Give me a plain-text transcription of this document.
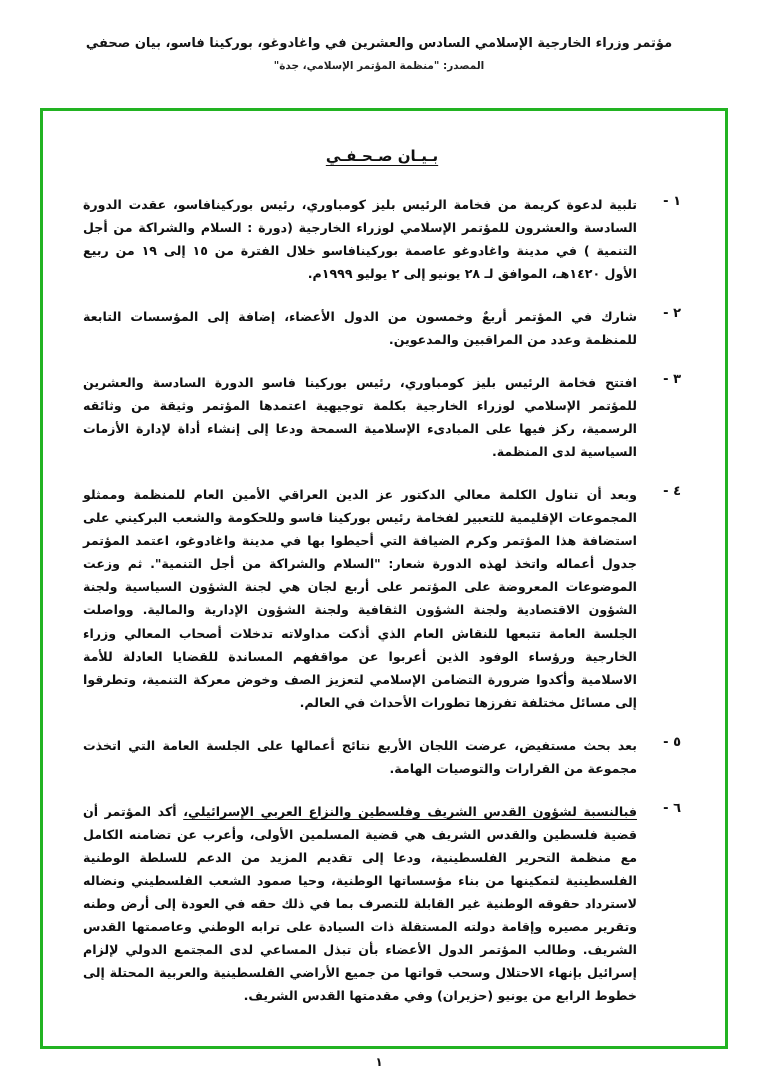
مؤتمر وزراء الخارجية الإسلامي السادس والعشرين في واغادوغو، بوركينا فاسو، بيان صحفي
المصدر: "منظمة المؤتمر الإسلامي، جدة"
بـيـان صـحـفـي
١ -
تلبية لدعوة كريمة من فخامة الرئيس بليز كومباوري، رئيس بوركينافاسو، عقدت الدورة السادسة والعشرون للمؤتمر الإسلامي لوزراء الخارجية (دورة : السلام والشراكة من أجل التنمية ) في مدينة واغادوغو عاصمة بوركينافاسو خلال الفترة من ١٥ إلى ١٩ من ربيع الأول ١٤٢٠هـ، الموافق لـ ٢٨ يونيو إلى ٢ يوليو ١٩٩٩م.
٢ -
شارك في المؤتمر أربعٌ وخمسون من الدول الأعضاء، إضافة إلى المؤسسات التابعة للمنظمة وعدد من المراقبين والمدعوين.
٣ -
افتتح فخامة الرئيس بليز كومباوري، رئيس بوركينا فاسو الدورة السادسة والعشرين للمؤتمر الإسلامي لوزراء الخارجية بكلمة توجيهية اعتمدها المؤتمر وثيقة من وثائقه الرسمية، ركز فيها على المبادىء الإسلامية السمحة ودعا إلى إنشاء أداة لإدارة الأزمات السياسية لدى المنظمة.
٤ -
وبعد أن تناول الكلمة معالي الدكتور عز الدين العراقي الأمين العام للمنظمة وممثلو المجموعات الإقليمية للتعبير لفخامة رئيس بوركينا فاسو وللحكومة والشعب البركيني على استضافة هذا المؤتمر وكرم الضيافة التي أحيطوا بها في مدينة واغادوغو، اعتمد المؤتمر جدول أعماله واتخذ لهذه الدورة شعار: "السلام والشراكة من أجل التنمية". ثم وزعت الموضوعات المعروضة على المؤتمر على أربع لجان هي لجنة الشؤون السياسية ولجنة الشؤون الاقتصادية ولجنة الشؤون الثقافية ولجنة الشؤون الإدارية والمالية. وواصلت الجلسة العامة تتبعها للنقاش العام الذي أذكت مداولاته تدخلات أصحاب المعالي وزراء الخارجية ورؤساء الوفود الذين أعربوا عن مواقفهم المساندة للقضايا العادلة للأمة الاسلامية وأكدوا ضرورة التضامن الإسلامي لتعزيز الصف وخوض معركة التنمية، وتطرقوا إلى مسائل مختلفة تفرزها تطورات الأحداث في العالم.
٥ -
بعد بحث مستفيض، عرضت اللجان الأربع نتائج أعمالها على الجلسة العامة التي اتخذت مجموعة من القرارات والتوصيات الهامة.
٦ -
فبالنسبة لشؤون القدس الشريف وفلسطين والنزاع العربي الإسرائيلي، أكد المؤتمر أن قضية فلسطين والقدس الشريف هي قضية المسلمين الأولى، وأعرب عن تضامنه الكامل مع منظمة التحرير الفلسطينية، ودعا إلى تقديم المزيد من الدعم للسلطة الوطنية الفلسطينية لتمكينها من بناء مؤسساتها الوطنية، وحيا صمود الشعب الفلسطيني ونضاله لاسترداد حقوقه الوطنية غير القابلة للتصرف بما في ذلك حقه في العودة إلى أرض وطنه وتقرير مصيره وإقامة دولته المستقلة ذات السيادة على ترابه الوطني وعاصمتها القدس الشريف. وطالب المؤتمر الدول الأعضاء بأن تبذل المساعي لدى المجتمع الدولي لإلزام إسرائيل بإنهاء الاحتلال وسحب قواتها من جميع الأراضي الفلسطينية والعربية المحتلة إلى خطوط الرابع من يونيو (حزيران) وفي مقدمتها القدس الشريف.
١
